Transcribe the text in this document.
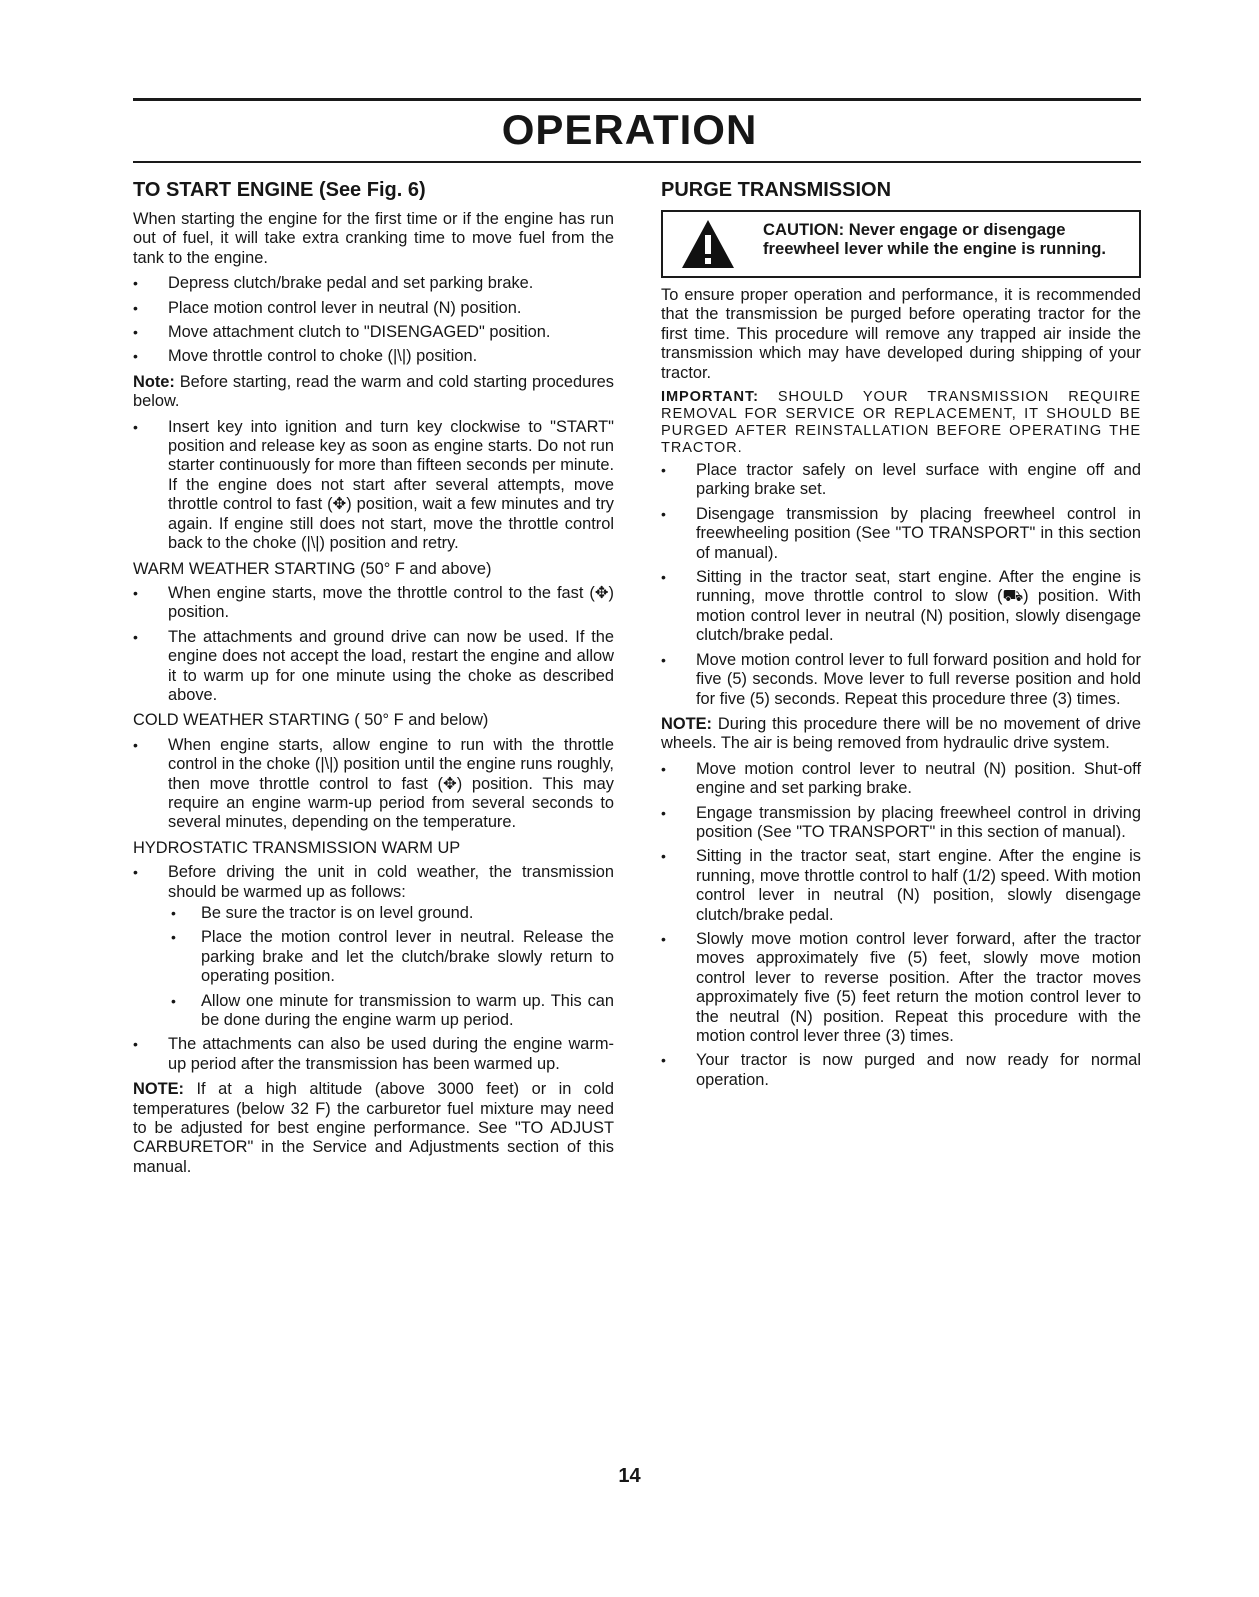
OPERATION
TO START ENGINE (See Fig. 6)

When starting the engine for the first time or if the engine has run out of fuel, it will take extra cranking time to move fuel from the tank to the engine.

• Depress clutch/brake pedal and set parking brake.
• Place motion control lever in neutral (N) position.
• Move attachment clutch to "DISENGAGED" position.
• Move throttle control to choke (|\|) position.

Note: Before starting, read the warm and cold starting procedures below.

• Insert key into ignition and turn key clockwise to "START" position and release key as soon as engine starts. Do not run starter continuously for more than fifteen seconds per minute. If the engine does not start after several attempts, move throttle control to fast (✥) position, wait a few minutes and try again. If engine still does not start, move the throttle control back to the choke (|\|) position and retry.

WARM WEATHER STARTING (50° F and above)

• When engine starts, move the throttle control to the fast (✥) position.
• The attachments and ground drive can now be used. If the engine does not accept the load, restart the engine and allow it to warm up for one minute using the choke as described above.

COLD WEATHER STARTING ( 50° F and below)

• When engine starts, allow engine to run with the throttle control in the choke (|\|) position until the engine runs roughly, then move throttle control to fast (✥) position. This may require an engine warm-up period from several seconds to several minutes, depending on the temperature.

HYDROSTATIC TRANSMISSION WARM UP

• Before driving the unit in cold weather, the transmission should be warmed up as follows:
• Be sure the tractor is on level ground.
• Place the motion control lever in neutral. Release the parking brake and let the clutch/brake slowly return to operating position.
• Allow one minute for transmission to warm up. This can be done during the engine warm up period.
• The attachments can also be used during the engine warm-up period after the transmission has been warmed up.

NOTE: If at a high altitude (above 3000 feet) or in cold temperatures (below 32 F) the carburetor fuel mixture may need to be adjusted for best engine performance. See "TO ADJUST CARBURETOR" in the Service and Adjustments section of this manual.

PURGE TRANSMISSION
CAUTION: Never engage or disengage freewheel lever while the engine is running.

To ensure proper operation and performance, it is recommended that the transmission be purged before operating tractor for the first time. This procedure will remove any trapped air inside the transmission which may have developed during shipping of your tractor.

IMPORTANT: SHOULD YOUR TRANSMISSION REQUIRE REMOVAL FOR SERVICE OR REPLACEMENT, IT SHOULD BE PURGED AFTER REINSTALLATION BEFORE OPERATING THE TRACTOR.

• Place tractor safely on level surface with engine off and parking brake set.
• Disengage transmission by placing freewheel control in freewheeling position (See "TO TRANSPORT" in this section of manual).
• Sitting in the tractor seat, start engine. After the engine is running, move throttle control to slow (⛟) position. With motion control lever in neutral (N) position, slowly disengage clutch/brake pedal.
• Move motion control lever to full forward position and hold for five (5) seconds. Move lever to full reverse position and hold for five (5) seconds. Repeat this procedure three (3) times.

NOTE: During this procedure there will be no movement of drive wheels. The air is being removed from hydraulic drive system.

• Move motion control lever to neutral (N) position. Shut-off engine and set parking brake.
• Engage transmission by placing freewheel control in driving position (See "TO TRANSPORT" in this section of manual).
• Sitting in the tractor seat, start engine. After the engine is running, move throttle control to half (1/2) speed. With motion control lever in neutral (N) position, slowly disengage clutch/brake pedal.
• Slowly move motion control lever forward, after the tractor moves approximately five (5) feet, slowly move motion control lever to reverse position. After the tractor moves approximately five (5) feet return the motion control lever to the neutral (N) position. Repeat this procedure with the motion control lever three (3) times.
• Your tractor is now purged and now ready for normal operation.

14
